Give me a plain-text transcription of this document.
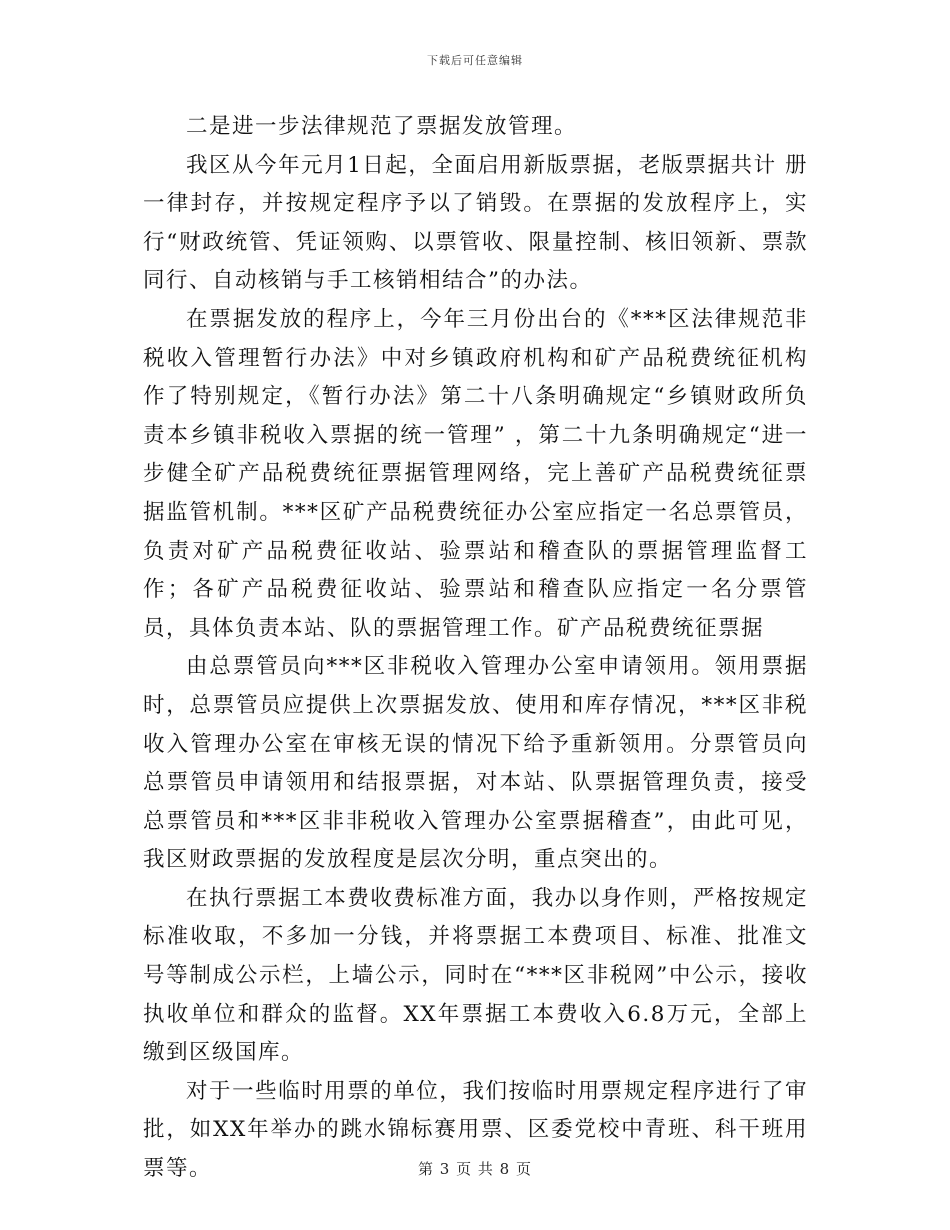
下载后可任意编辑

二是进一步法律规范了票据发放管理。

我区从今年元月1日起，全面启用新版票据，老版票据共计 册一律封存，并按规定程序予以了销毁。在票据的发放程序上，实行“财政统管、凭证领购、以票管收、限量控制、核旧领新、票款同行、自动核销与手工核销相结合”的办法。

在票据发放的程序上，今年三月份出台的《***区法律规范非税收入管理暂行办法》中对乡镇政府机构和矿产品税费统征机构作了特别规定，《暂行办法》第二十八条明确规定“乡镇财政所负责本乡镇非税收入票据的统一管理” ，第二十九条明确规定“进一步健全矿产品税费统征票据管理网络，完上善矿产品税费统征票据监管机制。***区矿产品税费统征办公室应指定一名总票管员，负责对矿产品税费征收站、验票站和稽查队的票据管理监督工作；各矿产品税费征收站、验票站和稽查队应指定一名分票管员，具体负责本站、队的票据管理工作。矿产品税费统征票据

由总票管员向***区非税收入管理办公室申请领用。领用票据时，总票管员应提供上次票据发放、使用和库存情况，***区非税收入管理办公室在审核无误的情况下给予重新领用。分票管员向总票管员申请领用和结报票据，对本站、队票据管理负责，接受总票管员和***区非非税收入管理办公室票据稽查”，由此可见，我区财政票据的发放程度是层次分明，重点突出的。

在执行票据工本费收费标准方面，我办以身作则，严格按规定标准收取，不多加一分钱，并将票据工本费项目、标准、批准文号等制成公示栏，上墙公示，同时在“***区非税网”中公示，接收执收单位和群众的监督。XX年票据工本费收入6.8万元，全部上缴到区级国库。

对于一些临时用票的单位，我们按临时用票规定程序进行了审批，如XX年举办的跳水锦标赛用票、区委党校中青班、科干班用票等。	第 3 页 共 8 页
